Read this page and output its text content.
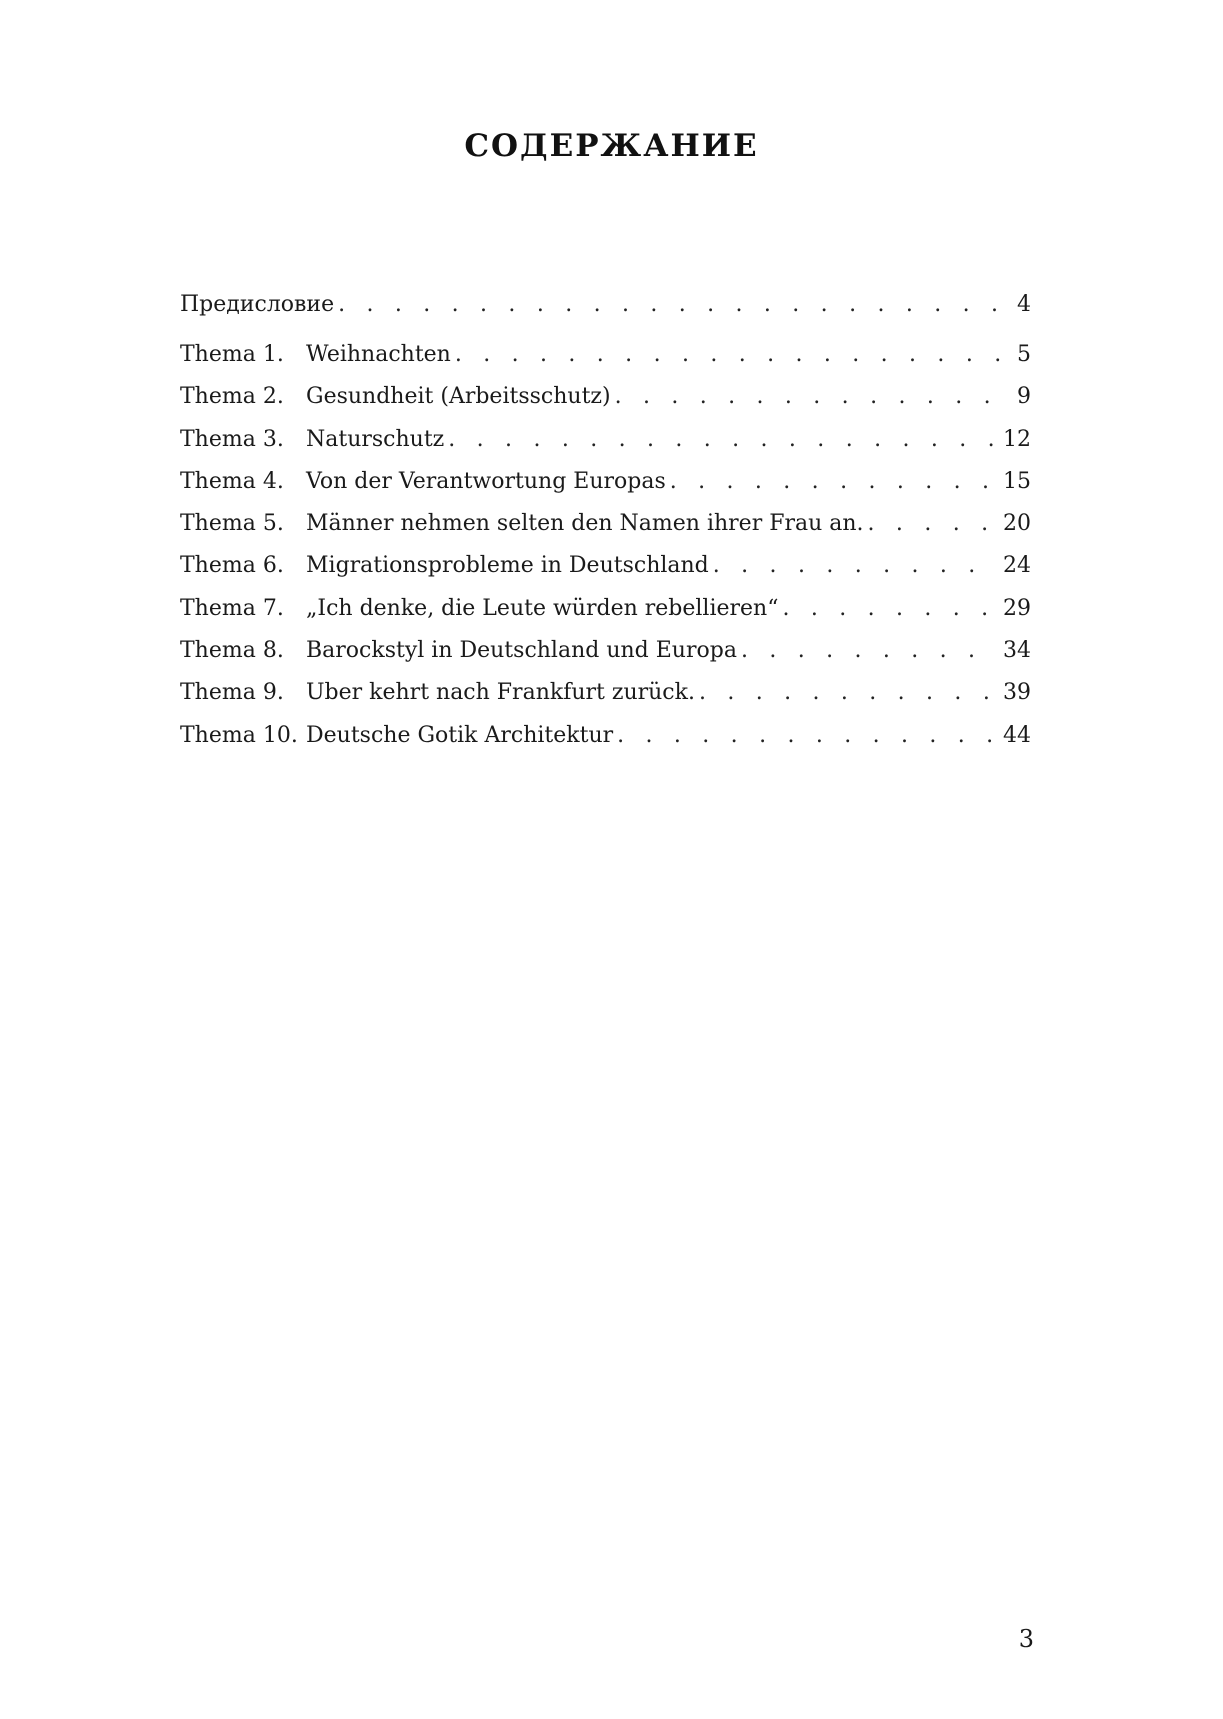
СОДЕРЖАНИЕ
Предисловие . . .	4
Thema 1.	Weihnachten . . .	5
Thema 2.	Gesundheit (Arbeitsschutz) . . .	9
Thema 3.	Naturschutz . . .	12
Thema 4.	Von der Verantwortung Europas . . .	15
Thema 5.	Männer nehmen selten den Namen ihrer Frau an. . . .	20
Thema 6.	Migrationsprobleme in Deutschland . . .	24
Thema 7.	„Ich denke, die Leute würden rebellieren“ . . .	29
Thema 8.	Barockstyl in Deutschland und Europa . . .	34
Thema 9.	Uber kehrt nach Frankfurt zurück. . . .	39
Thema 10. Deutsche Gotik Architektur . . .	44
3
